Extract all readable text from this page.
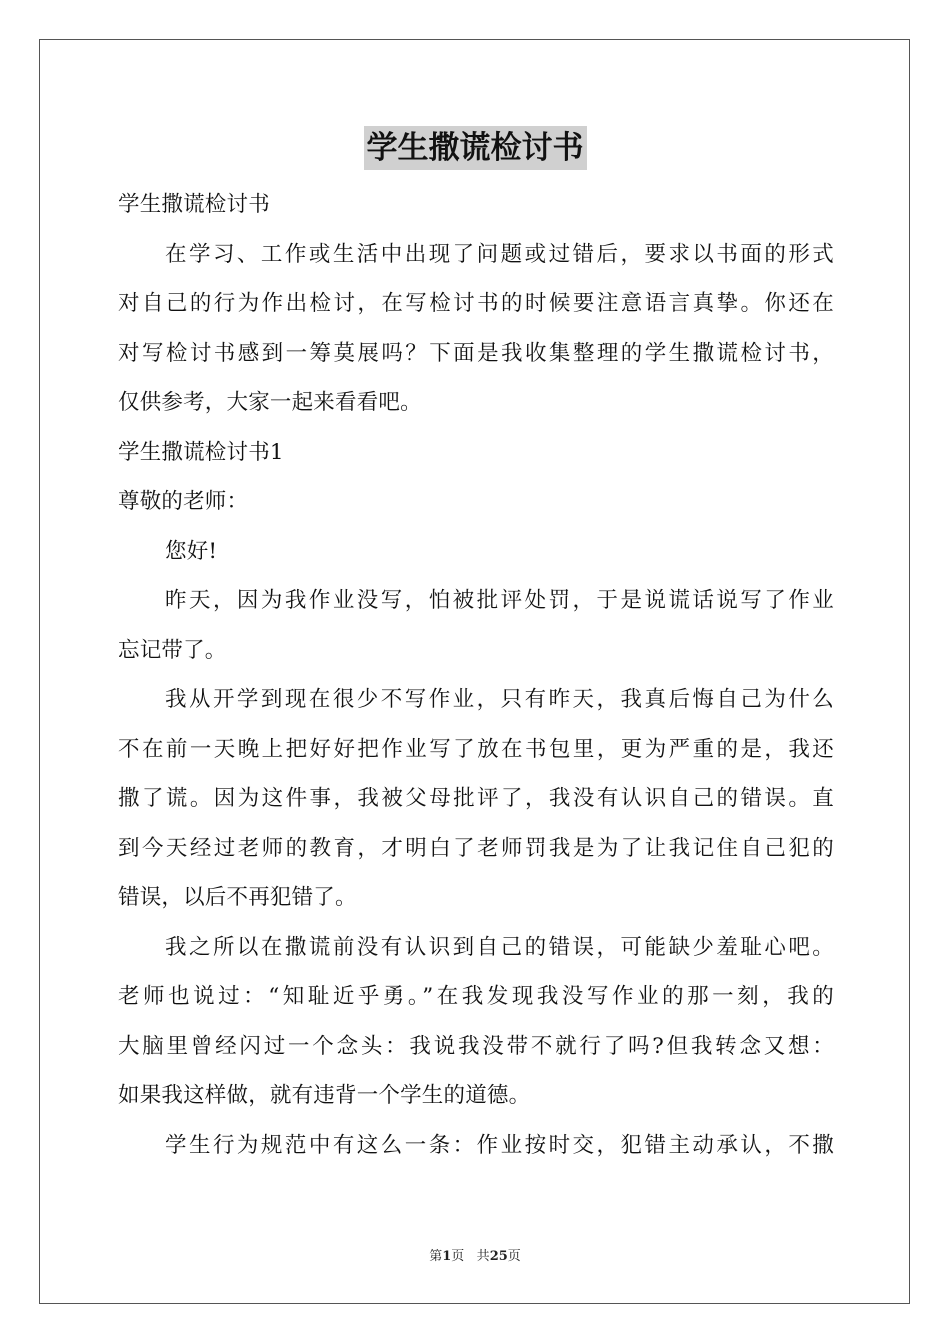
学生撒谎检讨书
学生撒谎检讨书
在学习、工作或生活中出现了问题或过错后，要求以书面的形式
对自己的行为作出检讨，在写检讨书的时候要注意语言真挚。你还在
对写检讨书感到一筹莫展吗？下面是我收集整理的学生撒谎检讨书，
仅供参考，大家一起来看看吧。
学生撒谎检讨书1
尊敬的老师：
您好!
昨天，因为我作业没写，怕被批评处罚，于是说谎话说写了作业
忘记带了。
我从开学到现在很少不写作业，只有昨天，我真后悔自己为什么
不在前一天晚上把好好把作业写了放在书包里，更为严重的是，我还
撒了谎。因为这件事，我被父母批评了，我没有认识自己的错误。直
到今天经过老师的教育，才明白了老师罚我是为了让我记住自己犯的
错误，以后不再犯错了。
我之所以在撒谎前没有认识到自己的错误，可能缺少羞耻心吧。
老师也说过：“知耻近乎勇。”在我发现我没写作业的那一刻，我的
大脑里曾经闪过一个念头：我说我没带不就行了吗?但我转念又想：
如果我这样做，就有违背一个学生的道德。
学生行为规范中有这么一条：作业按时交，犯错主动承认，不撒
第1页 共25页
